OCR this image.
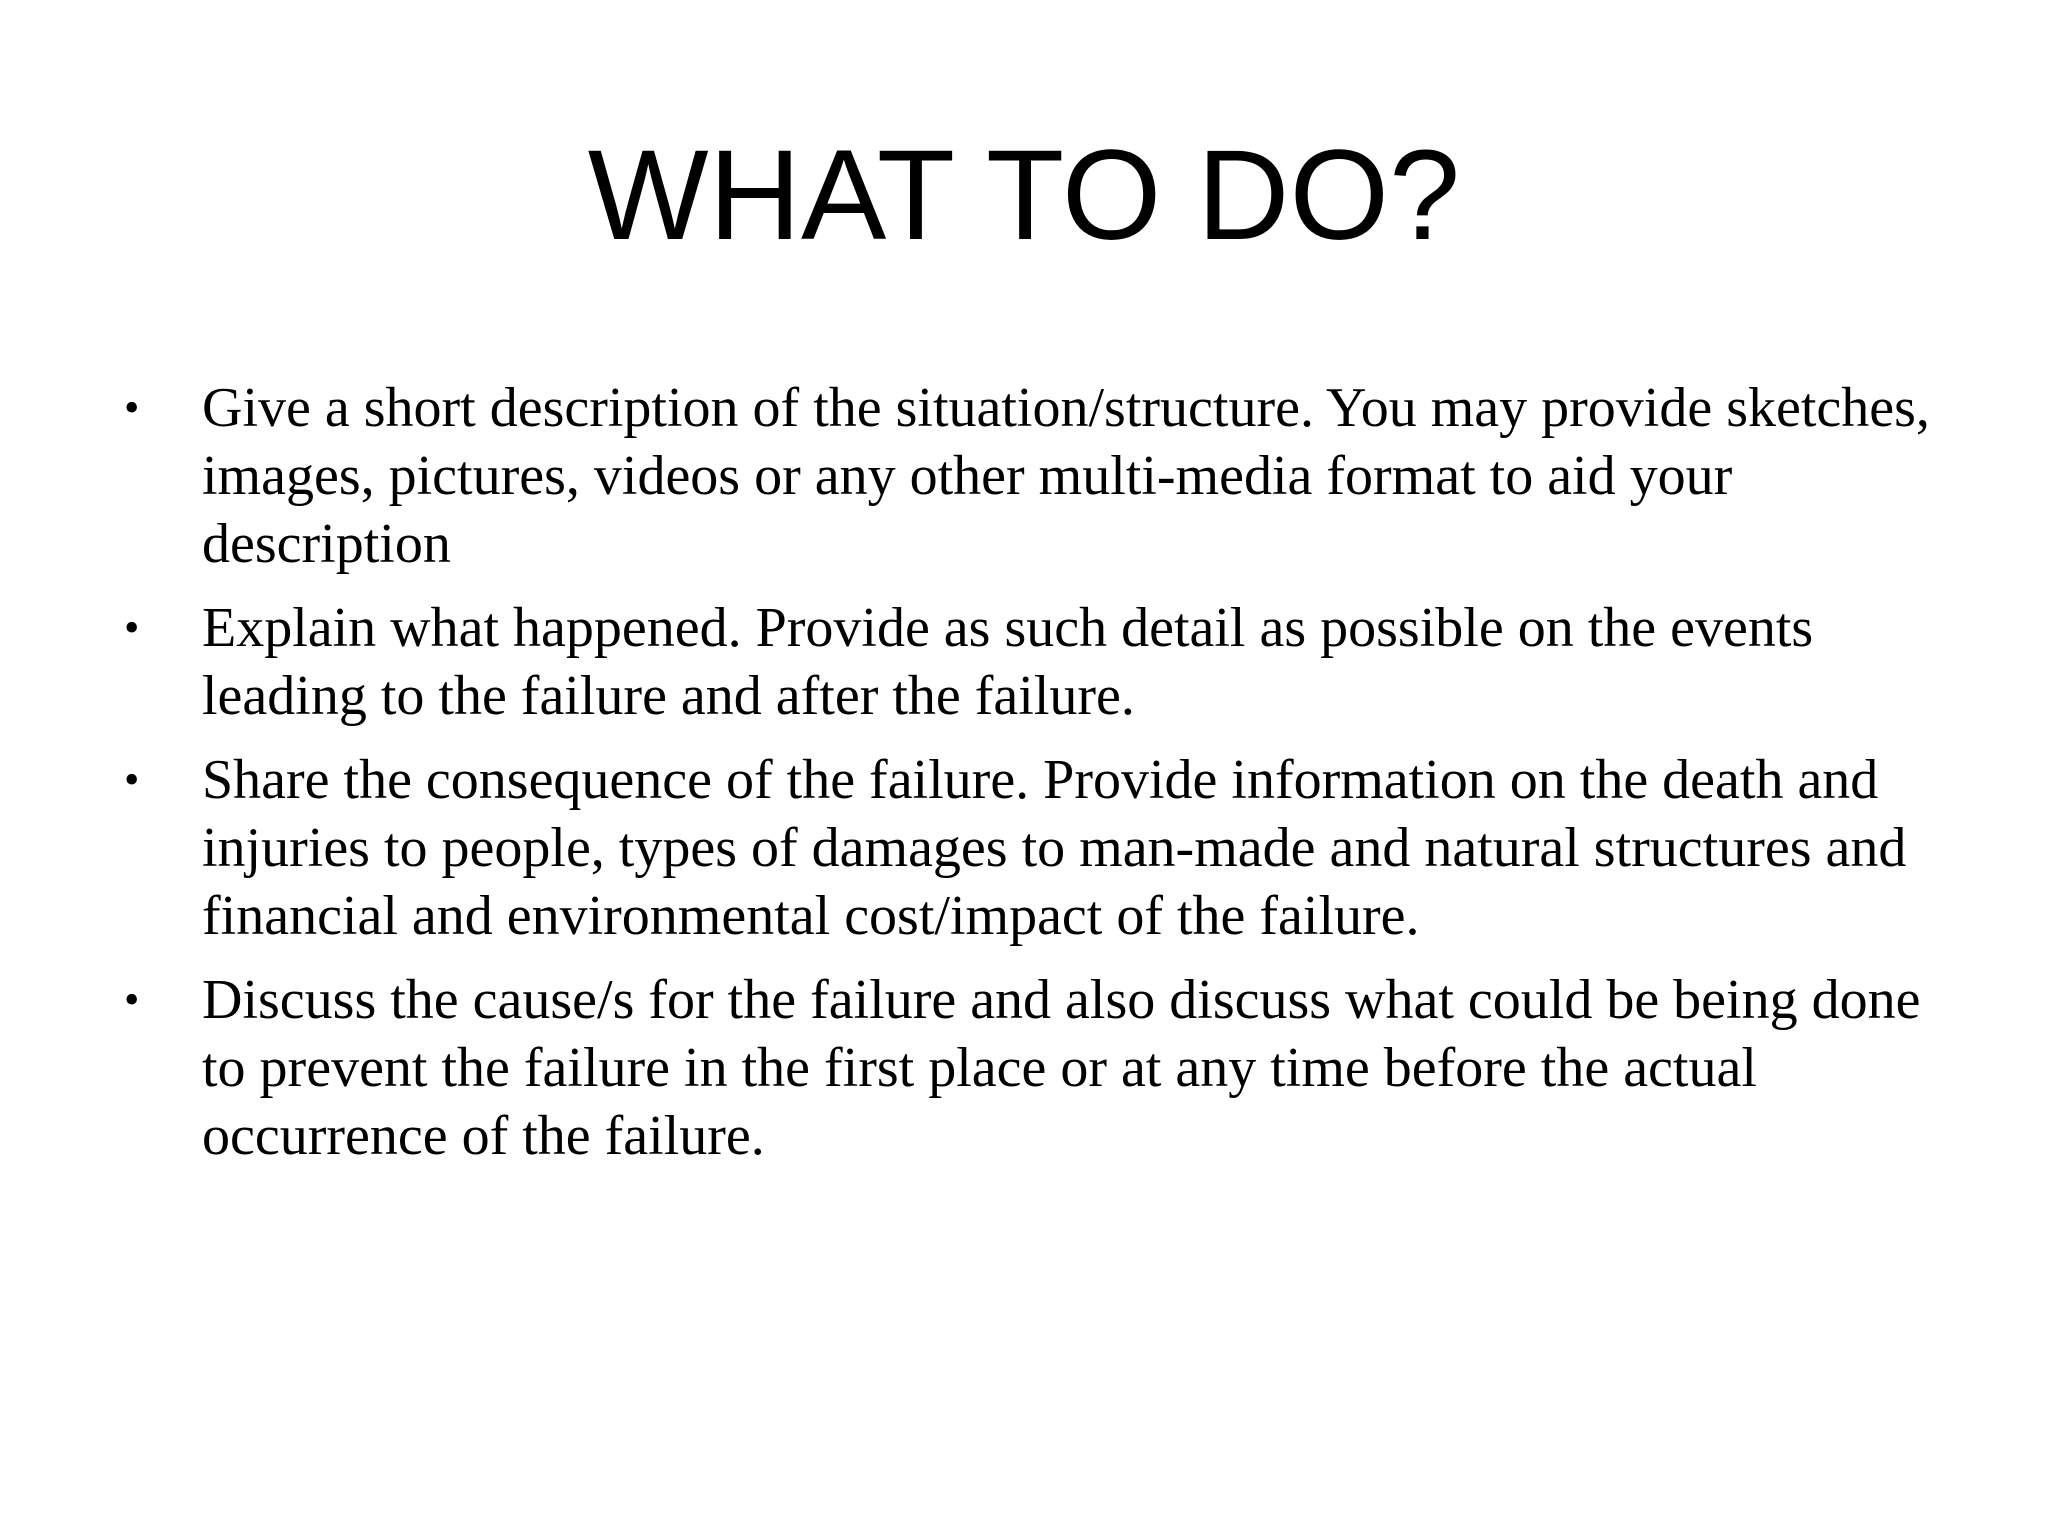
WHAT TO DO?
•	Give a short description of the situation/structure. You may provide sketches, images, pictures, videos or any other multi-media format to aid your description
•	Explain what happened. Provide as such detail as possible on the events leading to the failure and after the failure.
•	Share the consequence of the failure. Provide information on the death and injuries to people, types of damages to man-made and natural structures and financial and environmental cost/impact of the failure.
•	Discuss the cause/s for the failure and also discuss what could be being done to prevent the failure in the first place or at any time before the actual occurrence of the failure.
